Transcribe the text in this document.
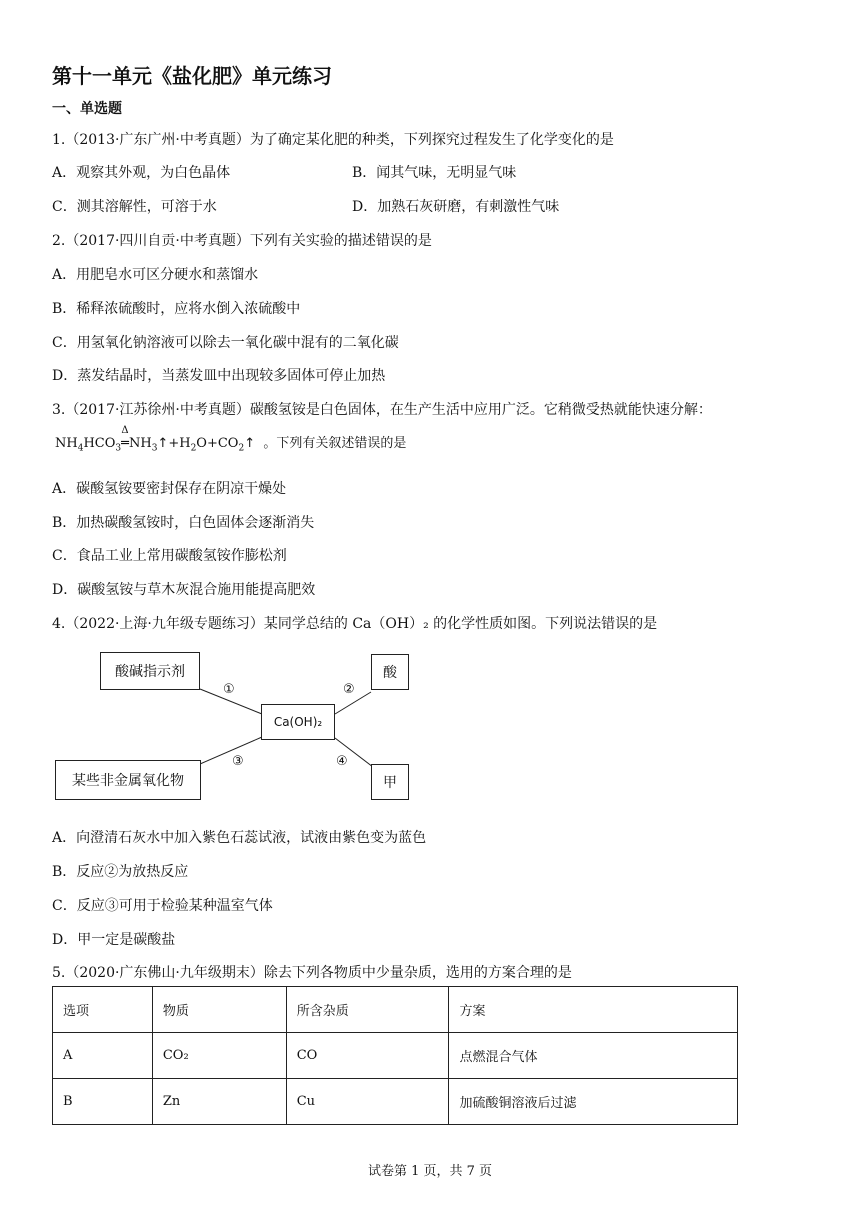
第十一单元《盐化肥》单元练习
一、单选题
1.（2013·广东广州·中考真题）为了确定某化肥的种类，下列探究过程发生了化学变化的是
A．观察其外观，为白色晶体	B．闻其气味，无明显气味
C．测其溶解性，可溶于水	D．加熟石灰研磨，有刺激性气味
2.（2017·四川自贡·中考真题）下列有关实验的描述错误的是
A．用肥皂水可区分硬水和蒸馏水
B．稀释浓硫酸时，应将水倒入浓硫酸中
C．用氢氧化钠溶液可以除去一氧化碳中混有的二氧化碳
D．蒸发结晶时，当蒸发皿中出现较多固体可停止加热
3.（2017·江苏徐州·中考真题）碳酸氢铵是白色固体，在生产生活中应用广泛。它稍微受热就能快速分解：
$NH_4HCO_3$
Δ
$═NH_3↑+H_2O+CO_2↑$ 。下列有关叙述错误的是
A．碳酸氢铵要密封保存在阴凉干燥处
B．加热碳酸氢铵时，白色固体会逐渐消失
C．食品工业上常用碳酸氢铵作膨松剂
D．碳酸氢铵与草木灰混合施用能提高肥效
4.（2022·上海·九年级专题练习）某同学总结的 Ca（OH）₂ 的化学性质如图。下列说法错误的是
酸碱指示剂	酸
Ca(OH)₂
某些非金属氧化物	甲
①	②
③	④
A．向澄清石灰水中加入紫色石蕊试液，试液由紫色变为蓝色
B．反应②为放热反应
C．反应③可用于检验某种温室气体
D．甲一定是碳酸盐
5.（2020·广东佛山·九年级期末）除去下列各物质中少量杂质，选用的方案合理的是
选项	物质	所含杂质	方案
A	CO₂	CO	点燃混合气体
B	Zn	Cu	加硫酸铜溶液后过滤
试卷第 1 页，共 7 页
